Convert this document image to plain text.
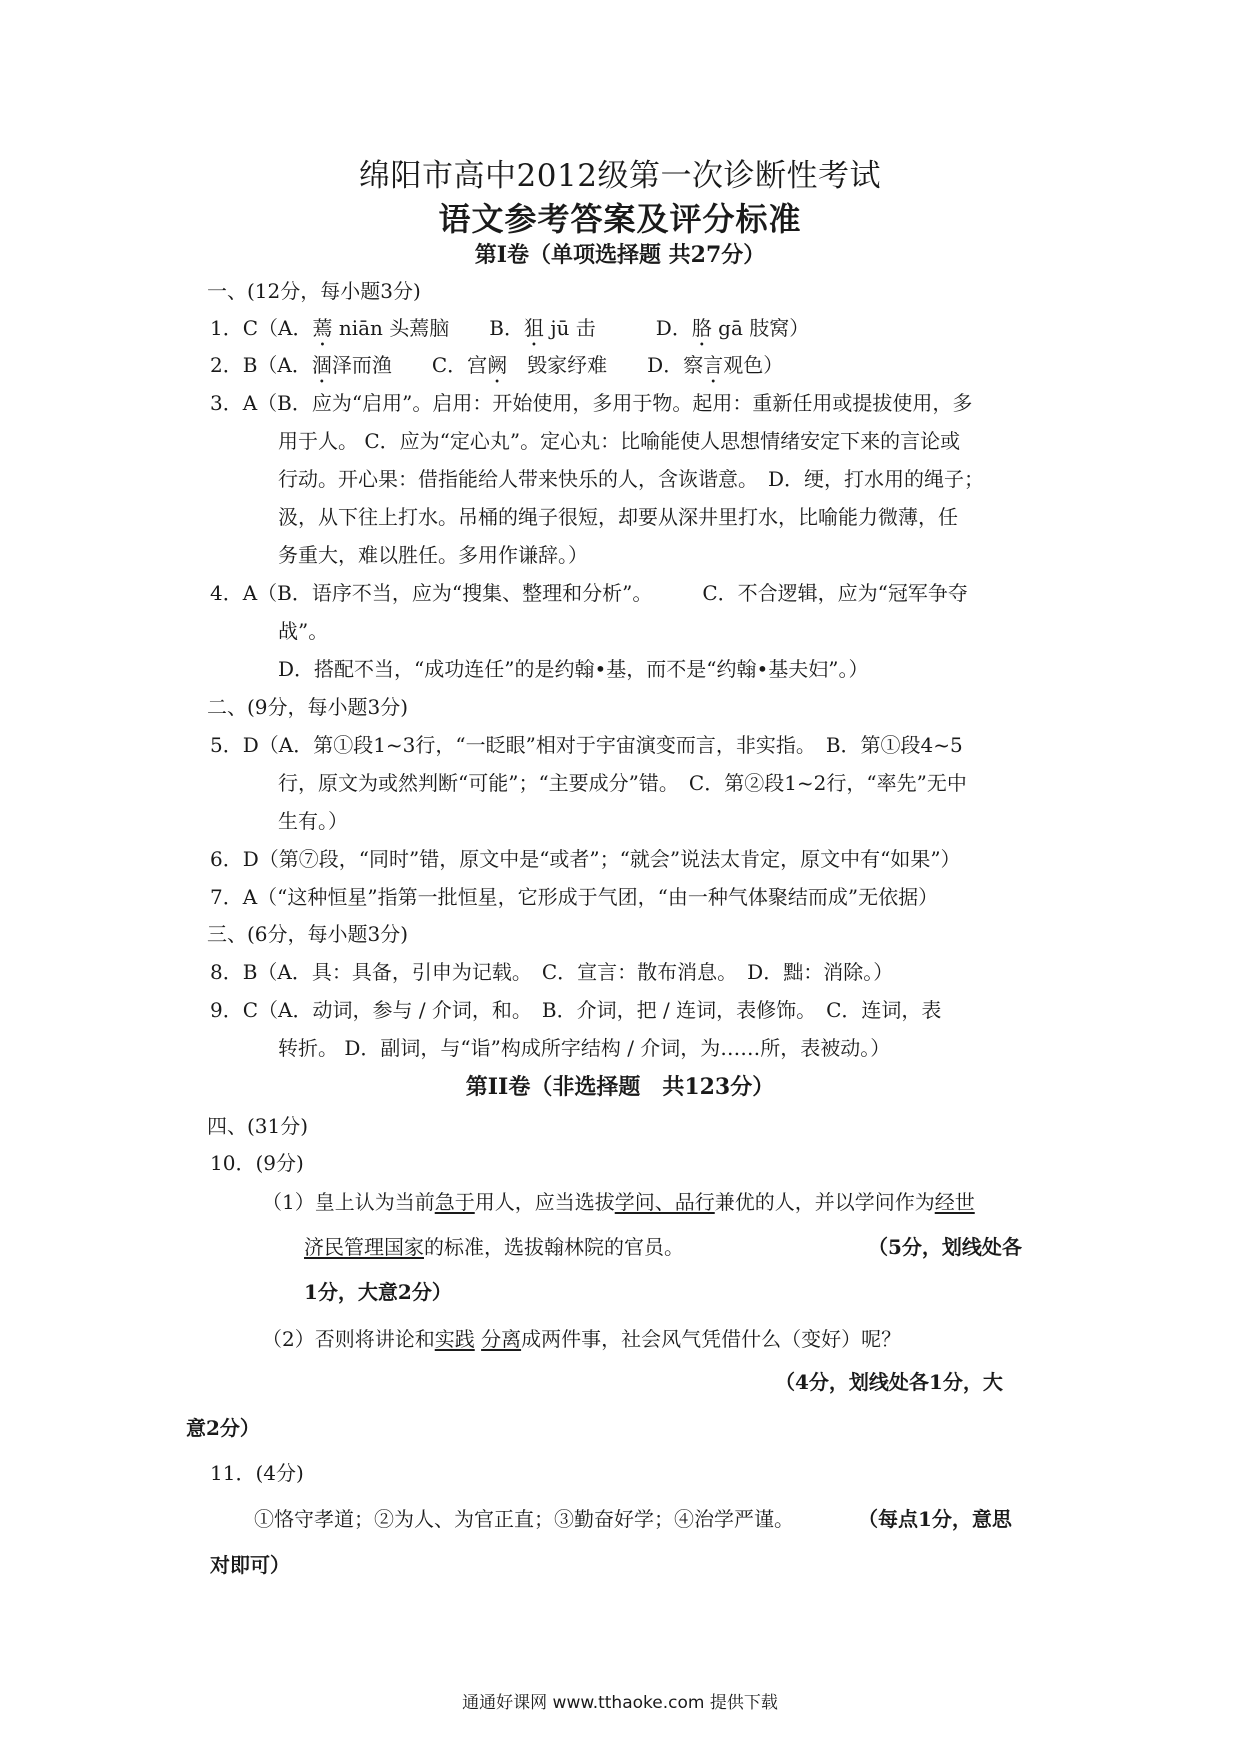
绵阳市高中2012级第一次诊断性考试
语文参考答案及评分标准
第Ⅰ卷（单项选择题 共27分）
一、(12分，每小题3分)
1．C（A．蔫 niān 头蔫脑　　B．狙 jū 击　　　D．胳 gā 肢窝）
2．B（A．涸泽而渔　　C．宫阙　毁家纾难　　D．察言观色）
3．A（B．应为“启用”。启用：开始使用，多用于物。起用：重新任用或提拔使用，多
用于人。 C．应为“定心丸”。定心丸：比喻能使人思想情绪安定下来的言论或
行动。开心果：借指能给人带来快乐的人，含诙谐意。　D．绠，打水用的绳子；
汲，从下往上打水。吊桶的绳子很短，却要从深井里打水，比喻能力微薄，任
务重大，难以胜任。多用作谦辞。）
4．A（B．语序不当，应为“搜集、整理和分析”。　　　C．不合逻辑，应为“冠军争夺
战”。
D．搭配不当，“成功连任”的是约翰•基，而不是“约翰•基夫妇”。）
二、(9分，每小题3分)
5．D（A．第①段1~3行，“一眨眼”相对于宇宙演变而言，非实指。　B．第①段4~5
行，原文为或然判断“可能”；“主要成分”错。　C．第②段1~2行，“率先”无中
生有。）
6．D（第⑦段，“同时”错，原文中是“或者”；“就会”说法太肯定，原文中有“如果”）
7．A（“这种恒星”指第一批恒星，它形成于气团，“由一种气体聚结而成”无依据）
三、(6分，每小题3分)
8．B（A．具：具备，引申为记载。　C．宣言：散布消息。　D．黜：消除。）
9．C（A．动词，参与 / 介词，和。　B．介词，把 / 连词，表修饰。　C．连词，表
转折。 D．副词，与“诣”构成所字结构 / 介词，为……所，表被动。）
第II卷（非选择题　共123分）
四、(31分)
10．(9分)
（1）皇上认为当前急于用人，应当选拔学问、品行兼优的人，并以学问作为经世
济民管理国家的标准，选拔翰林院的官员。	（5分，划线处各
1分，大意2分）
（2）否则将讲论和实践 分离成两件事，社会风气凭借什么（变好）呢？
（4分，划线处各1分，大
意2分）
11．(4分)
①恪守孝道；②为人、为官正直；③勤奋好学；④治学严谨。	（每点1分，意思
对即可）
通通好课网 www.tthaoke.com 提供下载
